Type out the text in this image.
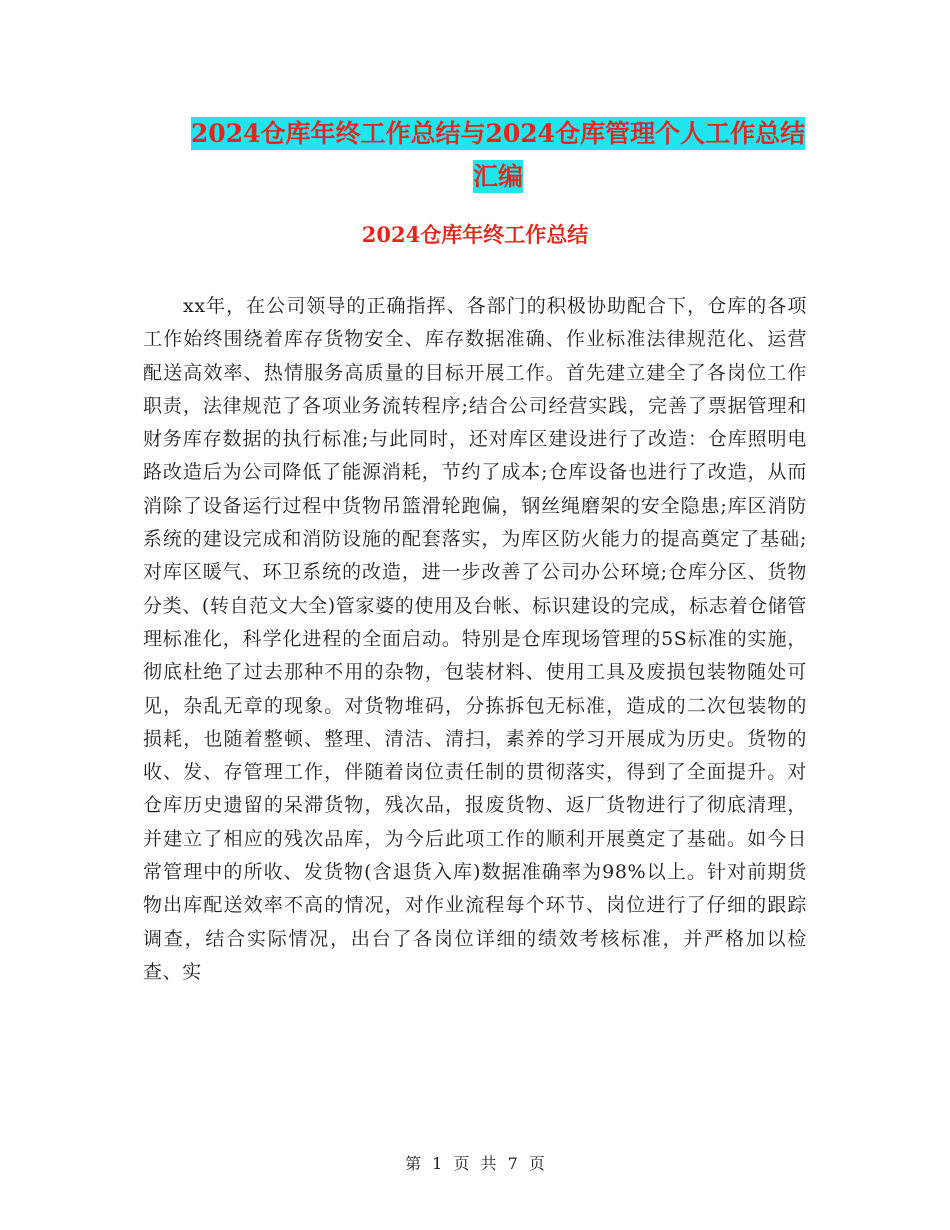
2024仓库年终工作总结与2024仓库管理个人工作总结汇编
2024仓库年终工作总结

xx年，在公司领导的正确指挥、各部门的积极协助配合下，仓库的各项工作始终围绕着库存货物安全、库存数据准确、作业标准法律规范化、运营配送高效率、热情服务高质量的目标开展工作。首先建立建全了各岗位工作职责，法律规范了各项业务流转程序;结合公司经营实践，完善了票据管理和财务库存数据的执行标准;与此同时，还对库区建设进行了改造：仓库照明电路改造后为公司降低了能源消耗，节约了成本;仓库设备也进行了改造，从而消除了设备运行过程中货物吊篮滑轮跑偏，钢丝绳磨架的安全隐患;库区消防系统的建设完成和消防设施的配套落实，为库区防火能力的提高奠定了基础;对库区暖气、环卫系统的改造，进一步改善了公司办公环境;仓库分区、货物分类、(转自范文大全)管家婆的使用及台帐、标识建设的完成，标志着仓储管理标准化，科学化进程的全面启动。特别是仓库现场管理的5S标准的实施，彻底杜绝了过去那种不用的杂物，包装材料、使用工具及废损包装物随处可见，杂乱无章的现象。对货物堆码，分拣拆包无标准，造成的二次包装物的损耗，也随着整顿、整理、清洁、清扫，素养的学习开展成为历史。货物的收、发、存管理工作，伴随着岗位责任制的贯彻落实，得到了全面提升。对仓库历史遗留的呆滞货物，残次品，报废货物、返厂货物进行了彻底清理，并建立了相应的残次品库，为今后此项工作的顺利开展奠定了基础。如今日常管理中的所收、发货物(含退货入库)数据准确率为98%以上。针对前期货物出库配送效率不高的情况，对作业流程每个环节、岗位进行了仔细的跟踪调查，结合实际情况，出台了各岗位详细的绩效考核标准，并严格加以检查、实

第 1 页 共 7 页
